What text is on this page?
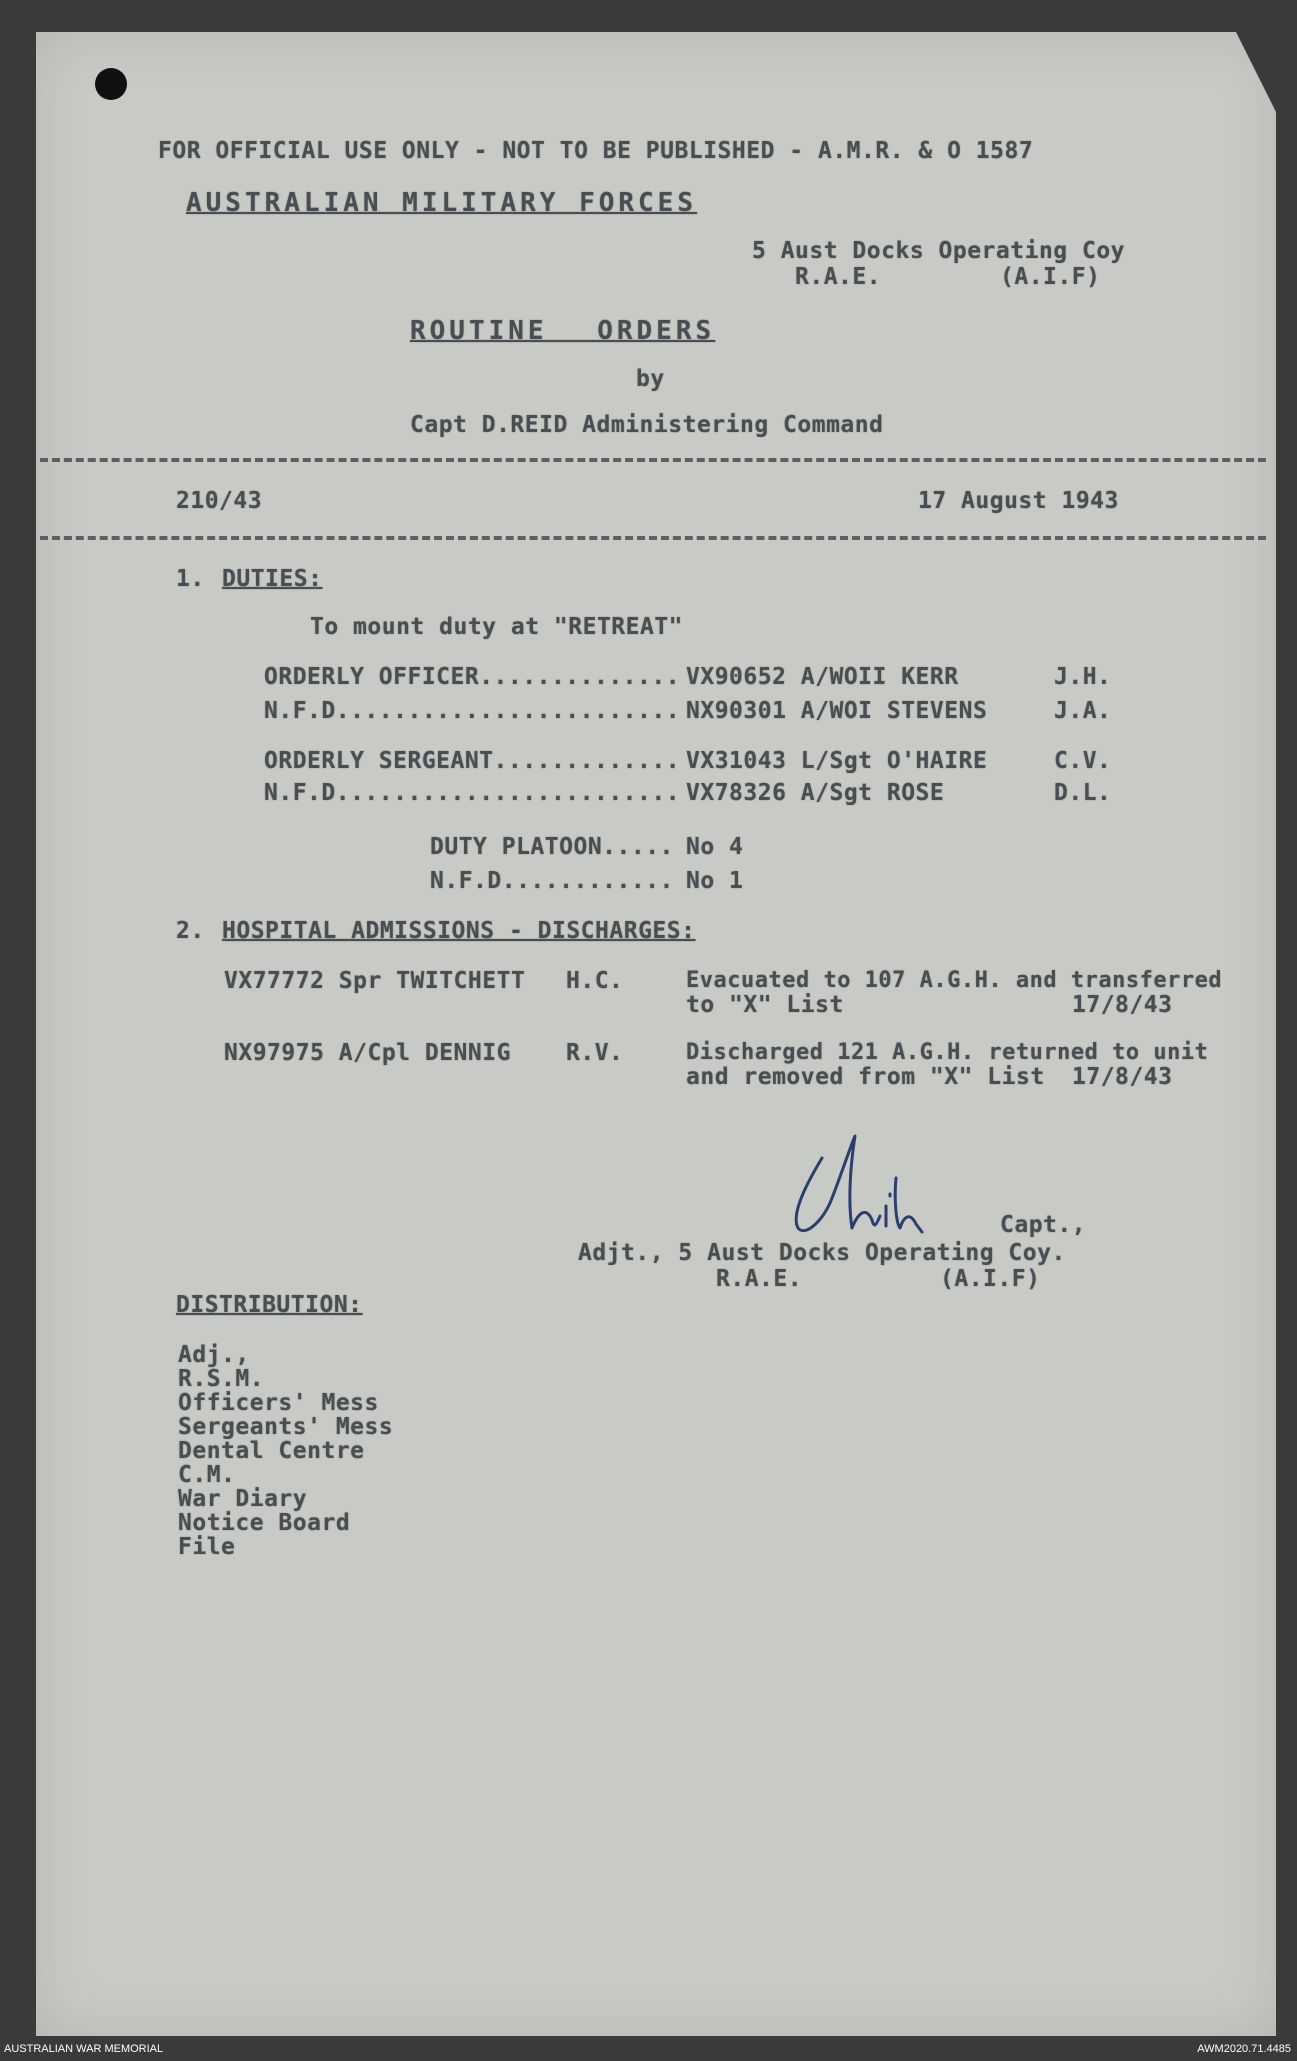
FOR OFFICIAL USE ONLY - NOT TO BE PUBLISHED - A.M.R. & O 1587
AUSTRALIAN MILITARY FORCES
5 Aust Docks Operating Coy
R.A.E.	(A.I.F)
ROUTINE ORDERS
by
Capt D.REID Administering Command
210/43	17 August 1943
1. DUTIES:
To mount duty at "RETREAT"
ORDERLY OFFICER.............. VX90652 A/WOII KERR	J.H.
N.F.D........................ NX90301 A/WOI STEVENS	J.A.
ORDERLY SERGEANT............. VX31043 L/Sgt O'HAIRE	C.V.
N.F.D........................ VX78326 A/Sgt ROSE	D.L.
DUTY PLATOON..... No 4
N.F.D............ No 1
2. HOSPITAL ADMISSIONS - DISCHARGES:
VX77772 Spr TWITCHETT H.C.	Evacuated to 107 A.G.H. and transferred
to "X" List	17/8/43
NX97975 A/Cpl DENNIG R.V.	Discharged 121 A.G.H. returned to unit
and removed from "X" List 17/8/43
Capt.,
Adjt., 5 Aust Docks Operating Coy.
R.A.E.	(A.I.F)
DISTRIBUTION:
Adj.,
R.S.M.
Officers' Mess
Sergeants' Mess
Dental Centre
C.M.
War Diary
Notice Board
File
AUSTRALIAN WAR MEMORIAL	AWM2020.71.4485
